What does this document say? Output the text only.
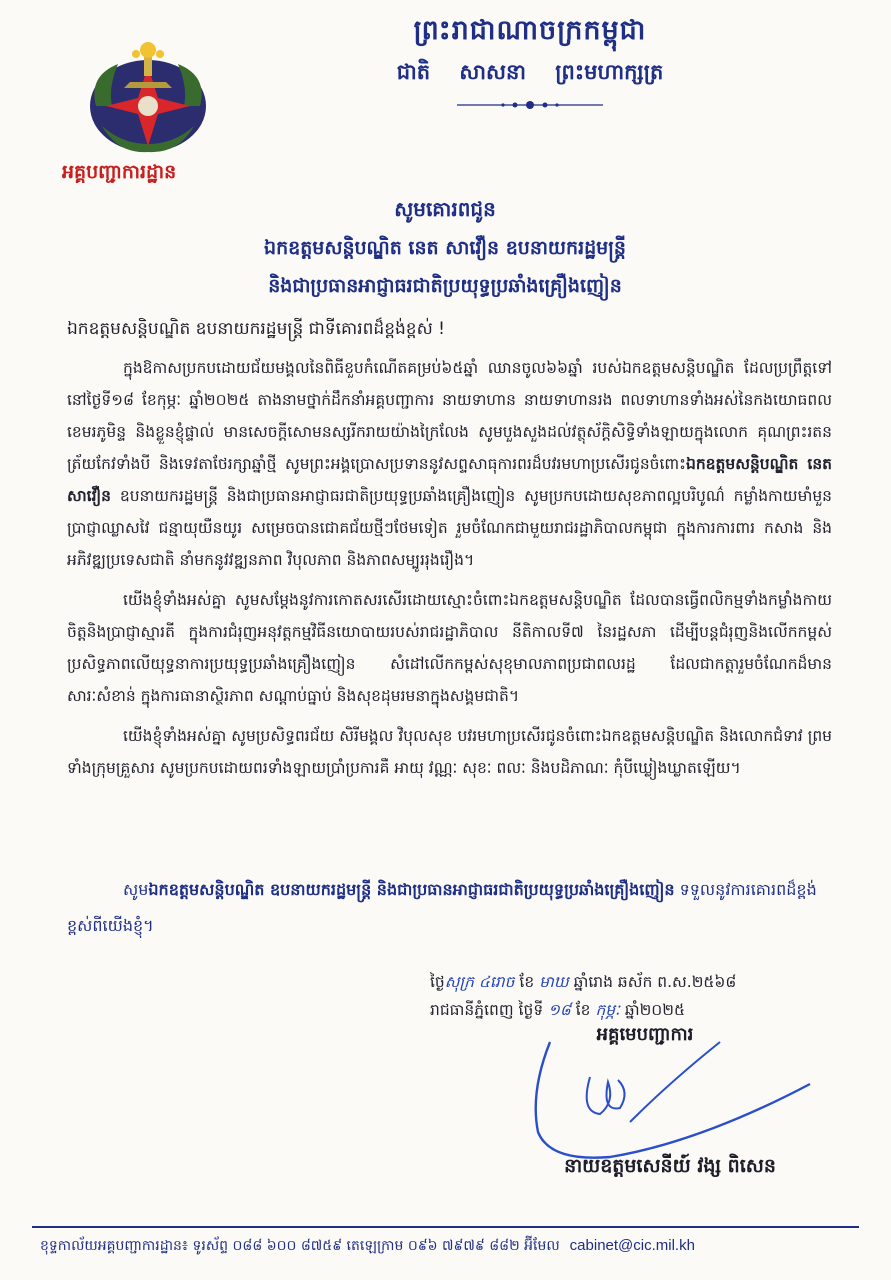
អគ្គបញ្ជាការដ្ឋាន
ព្រះរាជាណាចក្រកម្ពុជា
ជាតិ សាសនា ព្រះមហាក្សត្រ
សូមគោរពជូន
ឯកឧត្តមសន្តិបណ្ឌិត នេត សាវឿន ឧបនាយករដ្ឋមន្ត្រី
និងជាប្រធានអាជ្ញាធរជាតិប្រយុទ្ធប្រឆាំងគ្រឿងញៀន
ឯកឧត្តមសន្តិបណ្ឌិត ឧបនាយករដ្ឋមន្ត្រី ជាទីគោរពដ៏ខ្ពង់ខ្ពស់ !

ក្នុងឱកាសប្រកបដោយជ័យមង្គលនៃពិធីខួបកំណើតគម្រប់៦៥ឆ្នាំ ឈានចូល៦៦ឆ្នាំ របស់ឯកឧត្តមសន្តិបណ្ឌិត ដែលប្រព្រឹត្តទៅនៅថ្ងៃទី១៨ ខែកុម្ភៈ ឆ្នាំ២០២៥ តាងនាមថ្នាក់ដឹកនាំអគ្គបញ្ជាការ នាយទាហាន នាយទាហានរង ពលទាហានទាំងអស់នៃកងយោធពលខេមរភូមិន្ទ និងខ្លួនខ្ញុំផ្ទាល់ មានសេចក្តីសោមនស្សរីករាយយ៉ាងក្រៃលែង សូមបួងសួងដល់វត្ថុស័ក្តិសិទ្ធិទាំងឡាយក្នុងលោក គុណព្រះរតនត្រ័យកែវទាំងបី និងទេវតាថែរក្សាឆ្នាំថ្មី សូមព្រះអង្គប្រោសប្រទាននូវសព្ទសាធុការពរដ៏បវរមហាប្រសើរជូនចំពោះឯកឧត្តមសន្តិបណ្ឌិត នេត សាវឿន ឧបនាយករដ្ឋមន្ត្រី និងជាប្រធានអាជ្ញាធរជាតិប្រយុទ្ធប្រឆាំងគ្រឿងញៀន សូមប្រកបដោយសុខភាពល្អបរិបូណ៌ កម្លាំងកាយមាំមួន ប្រាជ្ញាឈ្លាសវៃ ជន្មាយុយឺនយូរ សម្រេចបានជោគជ័យថ្មីៗថែមទៀត រួមចំណែកជាមួយរាជរដ្ឋាភិបាលកម្ពុជា ក្នុងការការពារ កសាង និងអភិវឌ្ឍប្រទេសជាតិ នាំមកនូវវឌ្ឍនភាព វិបុលភាព និងភាពសម្បូររុងរឿង។

យើងខ្ញុំទាំងអស់គ្នា សូមសម្តែងនូវការកោតសរសើរដោយស្មោះចំពោះឯកឧត្តមសន្តិបណ្ឌិត ដែលបានធ្វើពលិកម្មទាំងកម្លាំងកាយចិត្តនិងប្រាជ្ញាស្មារតី ក្នុងការជំរុញអនុវត្តកម្មវិធីនយោបាយរបស់រាជរដ្ឋាភិបាល នីតិកាលទី៧ នៃរដ្ឋសភា ដើម្បីបន្តជំរុញនិងលើកកម្ពស់ប្រសិទ្ធភាពលើយុទ្ធនាការប្រយុទ្ធប្រឆាំងគ្រឿងញៀន សំដៅលើកកម្ពស់សុខុមាលភាពប្រជាពលរដ្ឋ ដែលជាកត្តារួមចំណែកដ៏មានសារៈសំខាន់ ក្នុងការធានាស្ថិរភាព សណ្តាប់ធ្នាប់ និងសុខដុមរមនាក្នុងសង្គមជាតិ។

យើងខ្ញុំទាំងអស់គ្នា សូមប្រសិទ្ធពរជ័យ សិរីមង្គល វិបុលសុខ បវរមហាប្រសើរជូនចំពោះឯកឧត្តមសន្តិបណ្ឌិត និងលោកជំទាវ ព្រមទាំងក្រុមគ្រួសារ សូមប្រកបដោយពរទាំងឡាយប្រាំប្រការគឺ អាយុ វណ្ណៈ សុខៈ ពលៈ និងបដិភាណៈ កុំបីឃ្លៀងឃ្លាតឡើយ។

សូមឯកឧត្តមសន្តិបណ្ឌិត ឧបនាយករដ្ឋមន្ត្រី និងជាប្រធានអាជ្ញាធរជាតិប្រយុទ្ធប្រឆាំងគ្រឿងញៀន ទទួលនូវការគោរពដ៏ខ្ពង់ខ្ពស់ពីយើងខ្ញុំ។
ថ្ងៃសុក្រ ៤រោច ខែ មាឃ ឆ្នាំរោង ឆស័ក ព.ស.២៥៦៨
រាជធានីភ្នំពេញ ថ្ងៃទី ១៨ ខែ កុម្ភៈ ឆ្នាំ២០២៥
អគ្គមេបញ្ជាការ
នាយឧត្តមសេនីយ៍ វង្ស ពិសេន
ខុទ្ទកាល័យអគ្គបញ្ជាការដ្ឋាន៖ ទូរស័ព្ទ ០៨៨ ៦០០ ៨៧៥៩ តេឡេក្រាម ០៩៦ ៧៩៧៩ ៨៨២ អ៊ីមែល cabinet@cic.mil.kh
